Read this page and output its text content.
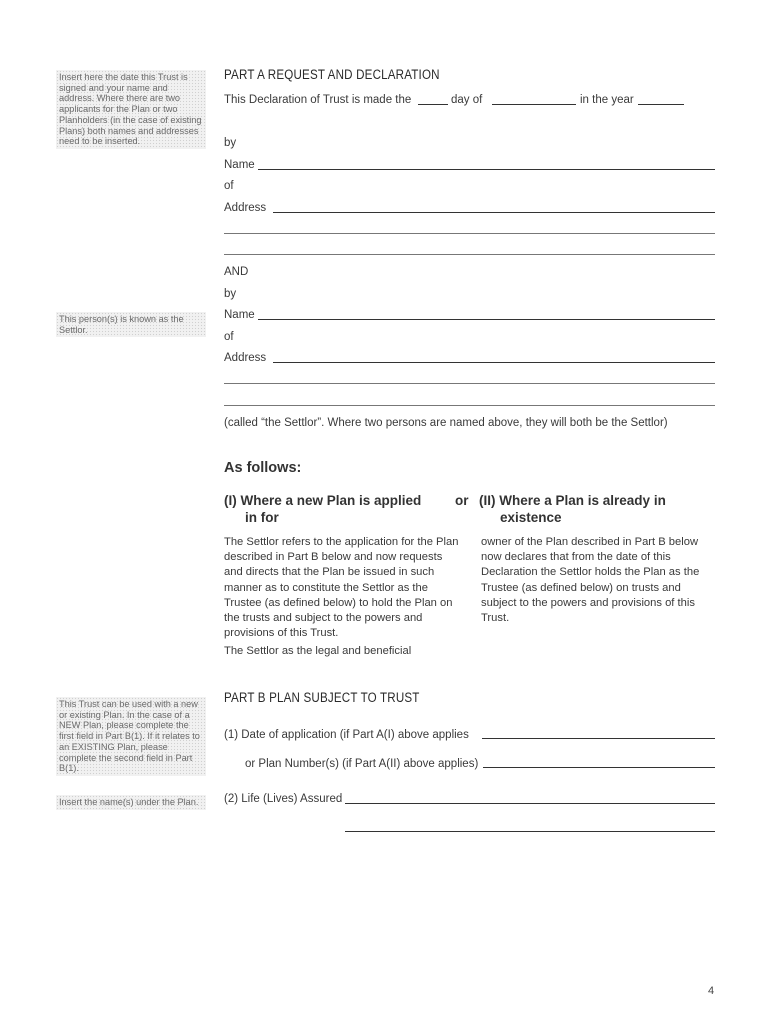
Insert here the date this Trust is signed and your name and address. Where there are two applicants for the Plan or two Planholders (in the case of existing Plans) both names and addresses need to be inserted.
This person(s) is known as the Settlor.
This Trust can be used with a new or existing Plan. In the case of a NEW Plan, please complete the first field in Part B(1). If it relates to an EXISTING Plan, please complete the second field in Part B(1).
Insert the name(s) under the Plan.
PART A REQUEST AND DECLARATION
This Declaration of Trust is made the	day of	in the year
by
Name
of
Address
AND
by
Name
of
Address
(called “the Settlor”. Where two persons are named above, they will both be the Settlor)
As follows:
(I) Where a new Plan is applied
in for
or (II) Where a Plan is already in
existence
The Settlor refers to the application for the Plan described in Part B below and now requests and directs that the Plan be issued in such manner as to constitute the Settlor as the Trustee (as defined below) to hold the Plan on the trusts and subject to the powers and provisions of this Trust.
The Settlor as the legal and beneficial
owner of the Plan described in Part B below now declares that from the date of this Declaration the Settlor holds the Plan as the Trustee (as defined below) on trusts and subject to the powers and provisions of this Trust.
PART B PLAN SUBJECT TO TRUST
(1) Date of application (if Part A(I) above applies
or Plan Number(s) (if Part A(II) above applies)
(2) Life (Lives) Assured
4
